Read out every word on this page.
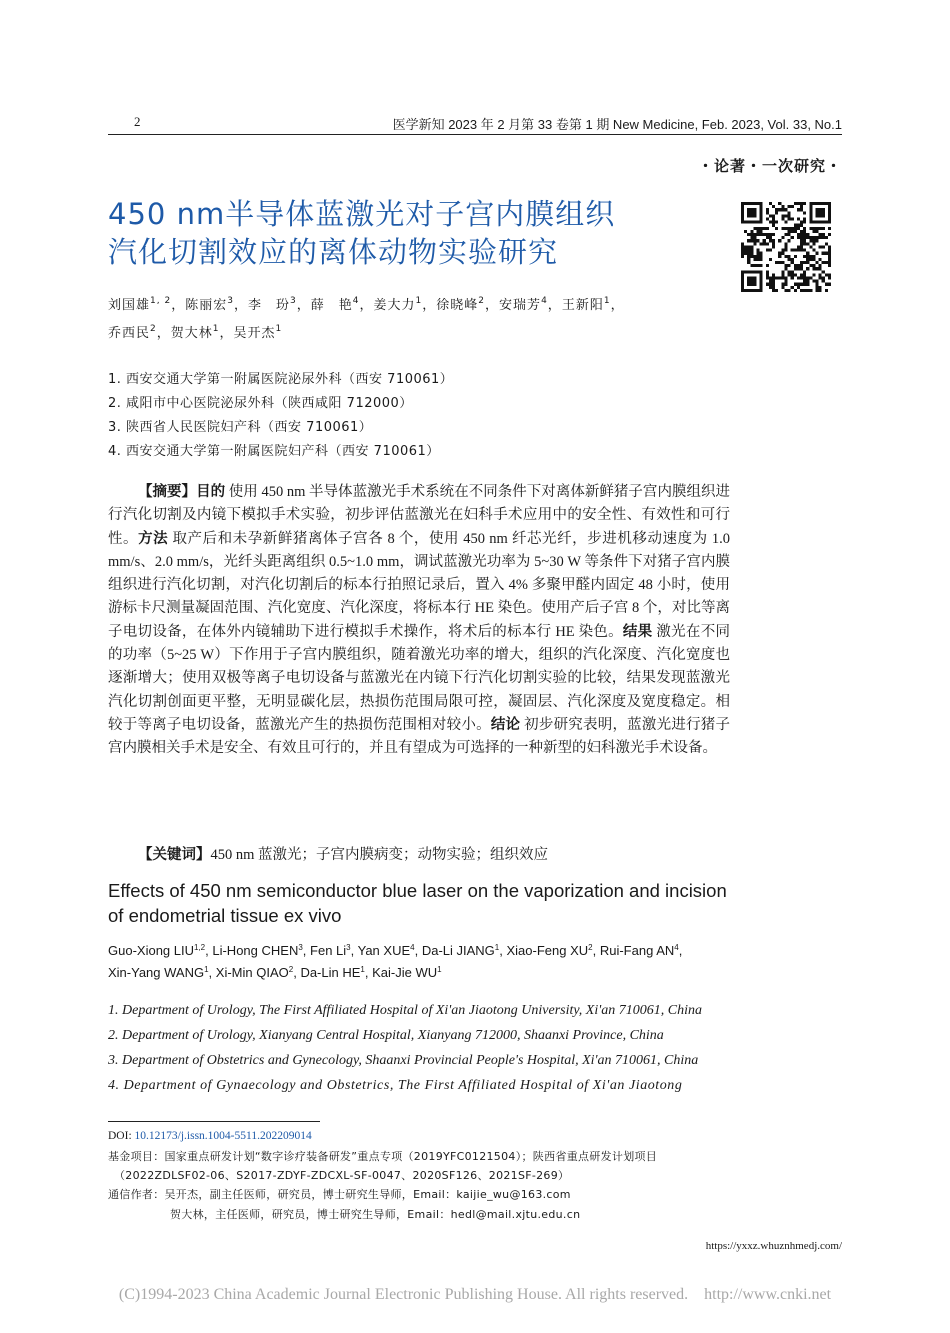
2	医学新知 2023 年 2 月第 33 卷第 1 期 New Medicine, Feb. 2023, Vol. 33, No.1
・论著・一次研究・
450 nm半导体蓝激光对子宫内膜组织
汽化切割效应的离体动物实验研究
刘国雄$^{1, 2}$，陈丽宏$^3$，李　玢$^3$，薛　艳$^4$，姜大力$^1$，徐晓峰$^2$，安瑞芳$^4$，王新阳$^1$，
乔西民$^2$，贺大林$^1$，吴开杰$^1$
1. 西安交通大学第一附属医院泌尿外科（西安 710061）
2. 咸阳市中心医院泌尿外科（陕西咸阳 712000）
3. 陕西省人民医院妇产科（西安 710061）
4. 西安交通大学第一附属医院妇产科（西安 710061）
【摘要】目的 使用 450 nm 半导体蓝激光手术系统在不同条件下对离体新鲜猪子宫内膜组织进行汽化切割及内镜下模拟手术实验，初步评估蓝激光在妇科手术应用中的安全性、有效性和可行性。方法 取产后和未孕新鲜猪离体子宫各 8 个，使用 450 nm 纤芯光纤，步进机移动速度为 1.0 mm/s、2.0 mm/s，光纤头距离组织 0.5~1.0 mm，调试蓝激光功率为 5~30 W 等条件下对猪子宫内膜组织进行汽化切割，对汽化切割后的标本行拍照记录后，置入 4% 多聚甲醛内固定 48 小时，使用游标卡尺测量凝固范围、汽化宽度、汽化深度，将标本行 HE 染色。使用产后子宫 8 个，对比等离子电切设备，在体外内镜辅助下进行模拟手术操作，将术后的标本行 HE 染色。结果 激光在不同的功率（5~25 W）下作用于子宫内膜组织，随着激光功率的增大，组织的汽化深度、汽化宽度也逐渐增大；使用双极等离子电切设备与蓝激光在内镜下行汽化切割实验的比较，结果发现蓝激光汽化切割创面更平整，无明显碳化层，热损伤范围局限可控，凝固层、汽化深度及宽度稳定。相较于等离子电切设备，蓝激光产生的热损伤范围相对较小。结论 初步研究表明，蓝激光进行猪子宫内膜相关手术是安全、有效且可行的，并且有望成为可选择的一种新型的妇科激光手术设备。
【关键词】450 nm 蓝激光；子宫内膜病变；动物实验；组织效应
Effects of 450 nm semiconductor blue laser on the vaporization and incision
of endometrial tissue ex vivo
Guo-Xiong LIU$^{1,2}$, Li-Hong CHEN$^3$, Fen Li$^3$, Yan XUE$^4$, Da-Li JIANG$^1$, Xiao-Feng $XU^2$, Rui-Fang $AN^4$,
Xin-Yang WANG$^1$, Xi-Min QIAO$^2$, Da-Lin $HE^1$, Kai-Jie $WU^1$
1. Department of Urology, The First Affiliated Hospital of Xi'an Jiaotong University, Xi'an 710061, China
2. Department of Urology, Xianyang Central Hospital, Xianyang 712000, Shaanxi Province, China
3. Department of Obstetrics and Gynecology, Shaanxi Provincial People's Hospital, Xi'an 710061, China
4. Department of Gynaecology and Obstetrics, The First Affiliated Hospital of Xi'an Jiaotong
DOI: 10.12173/j.issn.1004-5511.202209014
基金项目：国家重点研发计划“数字诊疗装备研发”重点专项（2019YFC0121504）；陕西省重点研发计划项目
（2022ZDLSF02-06、S2017-ZDYF-ZDCXL-SF-0047、2020SF126、2021SF-269）
通信作者：吴开杰，副主任医师，研究员，博士研究生导师，Email：kaijie_wu@163.com
贺大林，主任医师，研究员，博士研究生导师，Email：hedl@mail.xjtu.edu.cn
https://yxxz.whuznhmedj.com/
(C)1994-2023 China Academic Journal Electronic Publishing House. All rights reserved.    http://www.cnki.net
